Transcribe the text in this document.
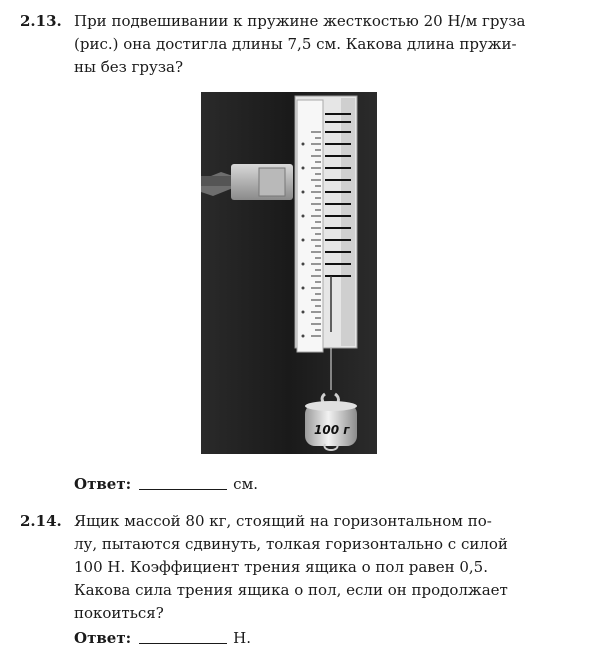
2.13. При подвешивании к пружине жесткостью 20 Н/м груза
(рис.) она достигла длины 7,5 см. Какова длина пружи-
ны без груза?
100 г
Ответ:	см.
2.14. Ящик массой 80 кг, стоящий на горизонтальном по-
лу, пытаются сдвинуть, толкая горизонтально с силой
100 Н. Коэффициент трения ящика о пол равен 0,5.
Какова сила трения ящика о пол, если он продолжает
покоиться?
Ответ:	Н.
